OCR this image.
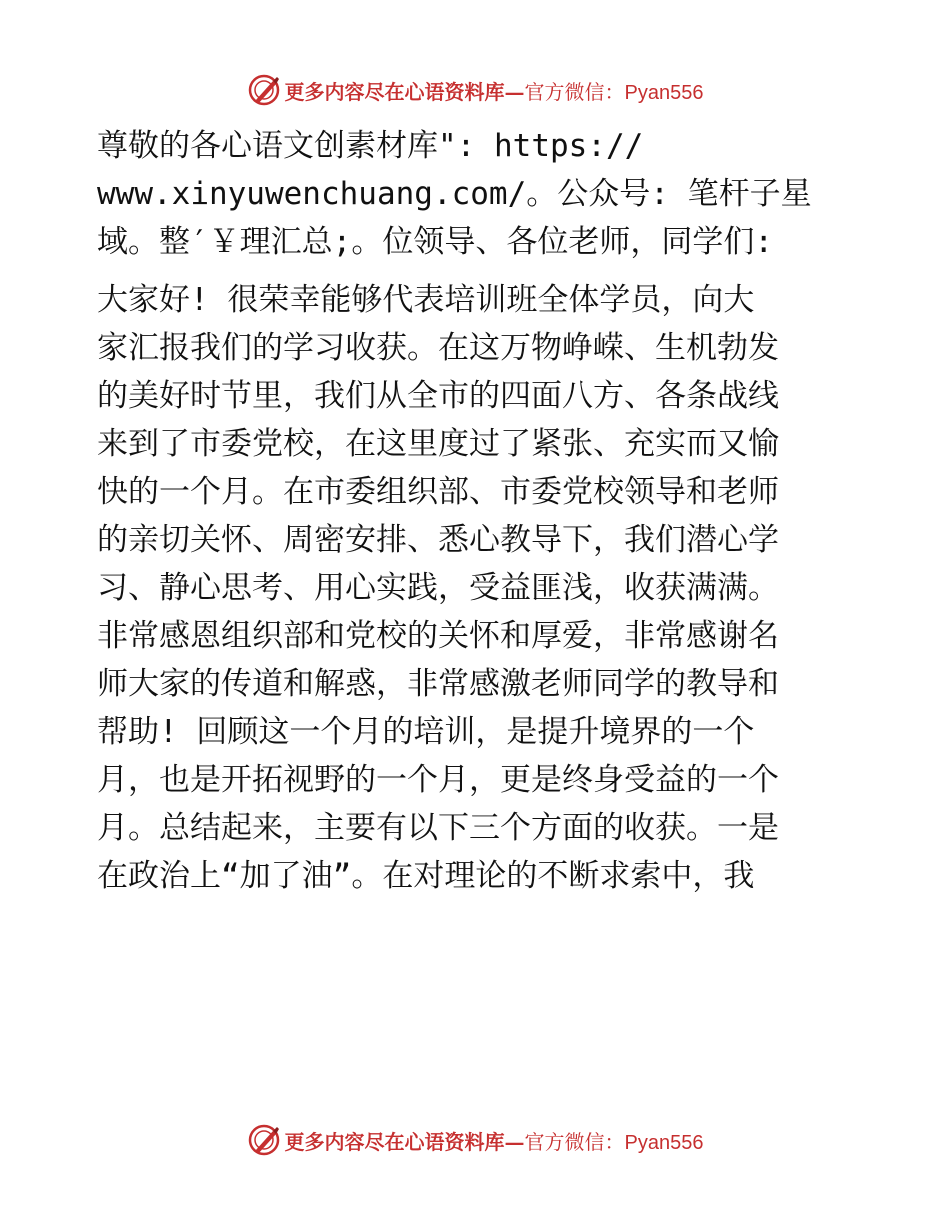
更多内容尽在心语资料库—官方微信：Pyan556
尊敬的各心语文创素材库": https://
www.xinyuwenchuang.com/。公众号: 笔杆子星
域。整′￥理汇总;。位领导、各位老师，同学们:
大家好! 很荣幸能够代表培训班全体学员，向大
家汇报我们的学习收获。在这万物峥嵘、生机勃发
的美好时节里，我们从全市的四面八方、各条战线
来到了市委党校，在这里度过了紧张、充实而又愉
快的一个月。在市委组织部、市委党校领导和老师
的亲切关怀、周密安排、悉心教导下，我们潜心学
习、静心思考、用心实践，受益匪浅，收获满满。
非常感恩组织部和党校的关怀和厚爱，非常感谢名
师大家的传道和解惑，非常感激老师同学的教导和
帮助! 回顾这一个月的培训，是提升境界的一个
月，也是开拓视野的一个月，更是终身受益的一个
月。总结起来，主要有以下三个方面的收获。一是
在政治上“加了油”。在对理论的不断求索中，我
更多内容尽在心语资料库—官方微信：Pyan556
